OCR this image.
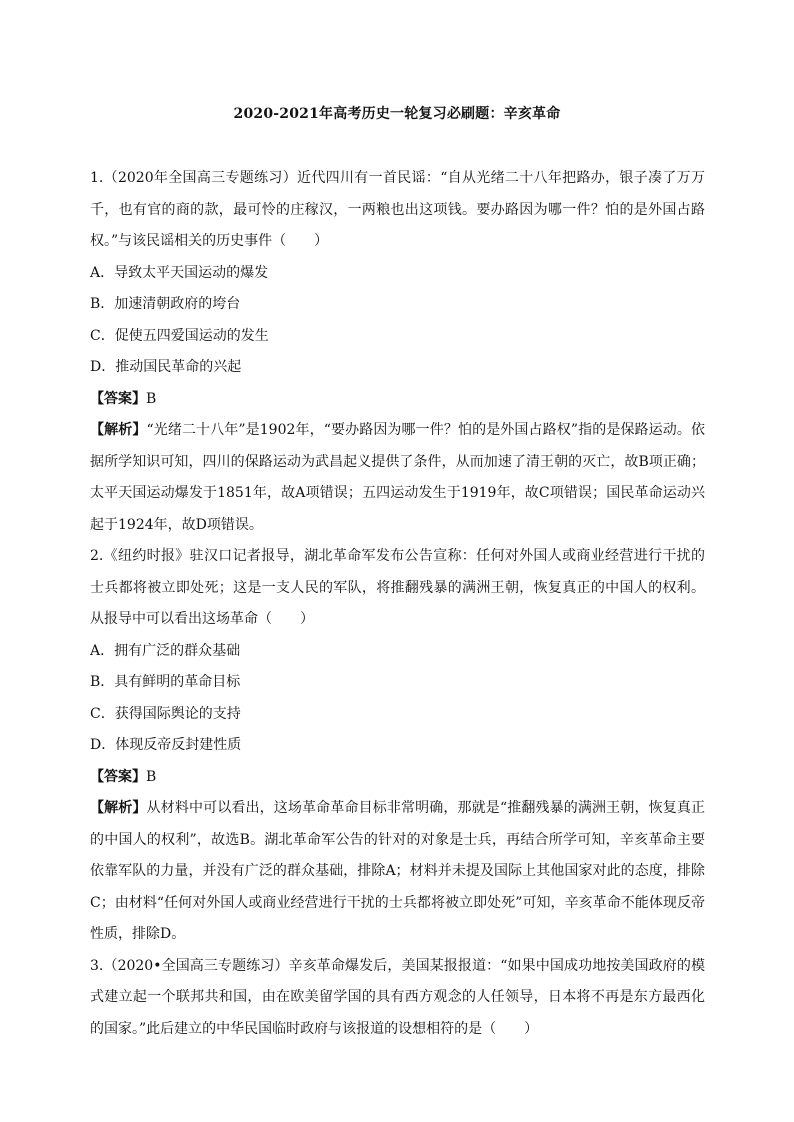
2020-2021年高考历史一轮复习必刷题：辛亥革命

1.（2020年全国高三专题练习）近代四川有一首民谣：“自从光绪二十八年把路办，银子凑了万万千，也有官的商的款，最可怜的庄稼汉，一两粮也出这项钱。要办路因为哪一件？怕的是外国占路权。”与该民谣相关的历史事件（　　）

A．导致太平天国运动的爆发

B．加速清朝政府的垮台

C．促使五四爱国运动的发生

D．推动国民革命的兴起

【答案】B

【解析】“光绪二十八年”是1902年，“要办路因为哪一件？怕的是外国占路权”指的是保路运动。依据所学知识可知，四川的保路运动为武昌起义提供了条件，从而加速了清王朝的灭亡，故B项正确；太平天国运动爆发于1851年，故A项错误；五四运动发生于1919年，故C项错误；国民革命运动兴起于1924年，故D项错误。

2.《纽约时报》驻汉口记者报导，湖北革命军发布公告宣称：任何对外国人或商业经营进行干扰的士兵都将被立即处死；这是一支人民的军队，将推翻残暴的满洲王朝，恢复真正的中国人的权利。从报导中可以看出这场革命（　　）

A．拥有广泛的群众基础

B．具有鲜明的革命目标

C．获得国际舆论的支持

D．体现反帝反封建性质

【答案】B

【解析】从材料中可以看出，这场革命革命目标非常明确，那就是“推翻残暴的满洲王朝，恢复真正的中国人的权利”，故选B。湖北革命军公告的针对的对象是士兵，再结合所学可知，辛亥革命主要依靠军队的力量，并没有广泛的群众基础，排除A；材料并未提及国际上其他国家对此的态度，排除C；由材料“任何对外国人或商业经营进行干扰的士兵都将被立即处死”可知，辛亥革命不能体现反帝性质，排除D。

3.（2020•全国高三专题练习）辛亥革命爆发后，美国某报报道：“如果中国成功地按美国政府的模式建立起一个联邦共和国，由在欧美留学国的具有西方观念的人任领导，日本将不再是东方最西化的国家。”此后建立的中华民国临时政府与该报道的设想相符的是（　　）
